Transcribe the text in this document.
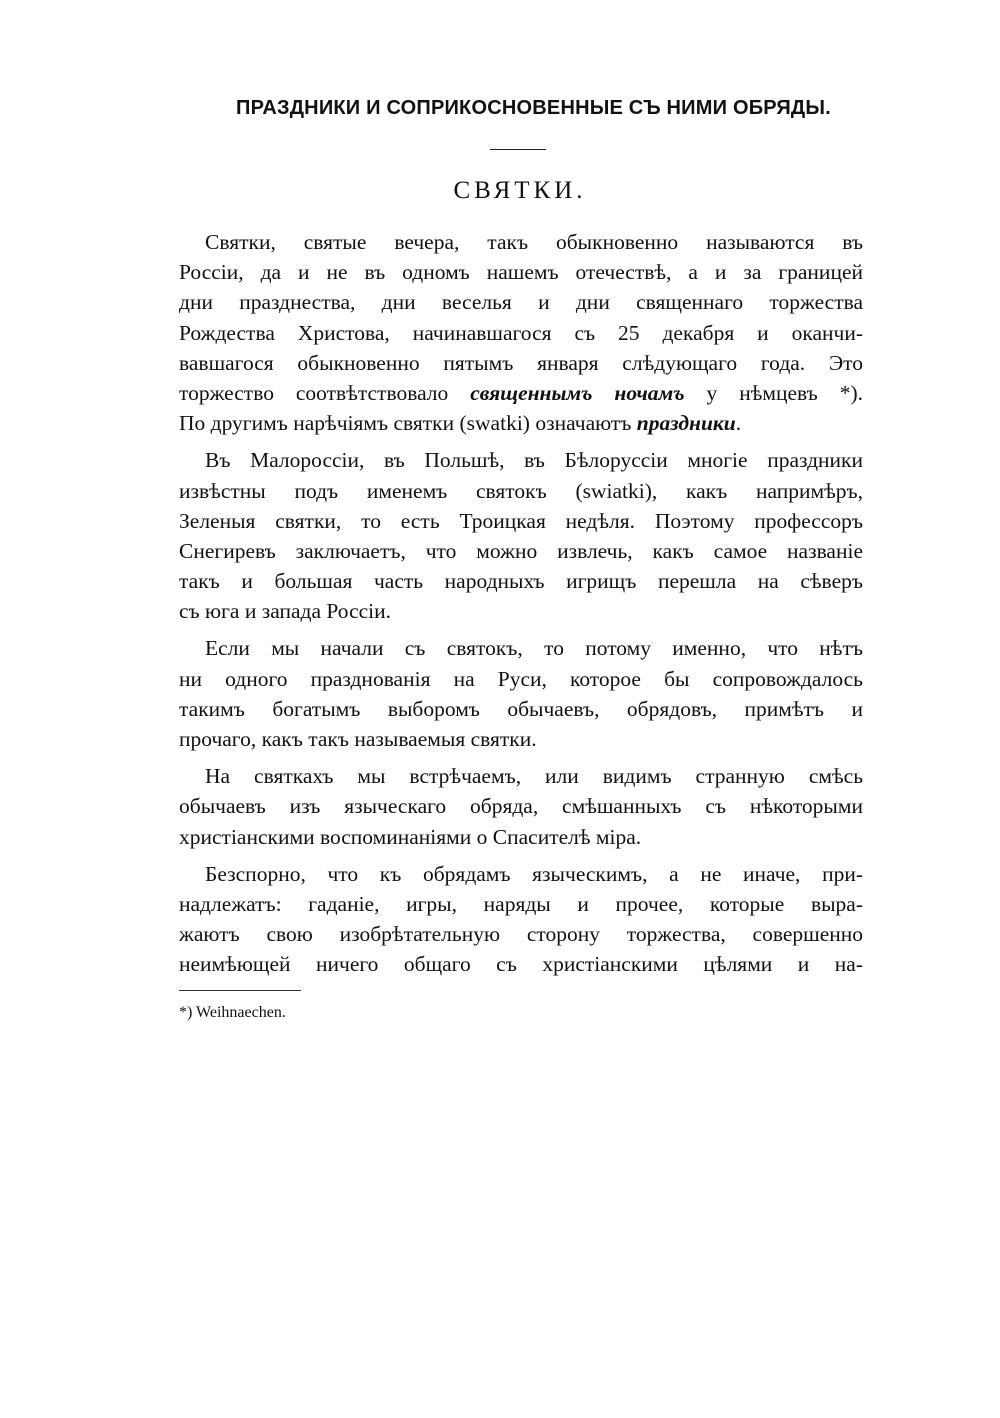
ПРАЗДНИКИ И СОПРИКОСНОВЕННЫЕ СЪ НИМИ ОБРЯДЫ.
СВЯТКИ.
Святки, святые вечера, такъ обыкновенно называются въ
Россіи, да и не въ одномъ нашемъ отечествѣ, а и за границей
дни празднества, дни веселья и дни священнаго торжества
Рождества Христова, начинавшагося съ 25 декабря и оканчи-
вавшагося обыкновенно пятымъ января слѣдующаго года. Это
торжество соотвѣтствовало священнымъ ночамъ у нѣмцевъ *).
По другимъ нарѣчіямъ святки (swatki) означаютъ праздники.
Въ Малороссіи, въ Польшѣ, въ Бѣлоруссіи многіе праздники
извѣстны подъ именемъ святокъ (swiatki), какъ напримѣръ,
Зеленыя святки, то есть Троицкая недѣля. Поэтому профессоръ
Снегиревъ заключаетъ, что можно извлечь, какъ самое названіе
такъ и большая часть народныхъ игрищъ перешла на сѣверъ
съ юга и запада Россіи.
Если мы начали съ святокъ, то потому именно, что нѣтъ
ни одного празднованія на Руси, которое бы сопровождалось
такимъ богатымъ выборомъ обычаевъ, обрядовъ, примѣтъ и
прочаго, какъ такъ называемыя святки.
На святкахъ мы встрѣчаемъ, или видимъ странную смѣсь
обычаевъ изъ языческаго обряда, смѣшанныхъ съ нѣкоторыми
христіанскими воспоминаніями о Спасителѣ міра.
Безспорно, что къ обрядамъ языческимъ, а не иначе, при-
надлежатъ: гаданіе, игры, наряды и прочее, которые выра-
жаютъ свою изобрѣтательную сторону торжества, совершенно
неимѣющей ничего общаго съ христіанскими цѣлями и на-
*) Weihnaechen.
